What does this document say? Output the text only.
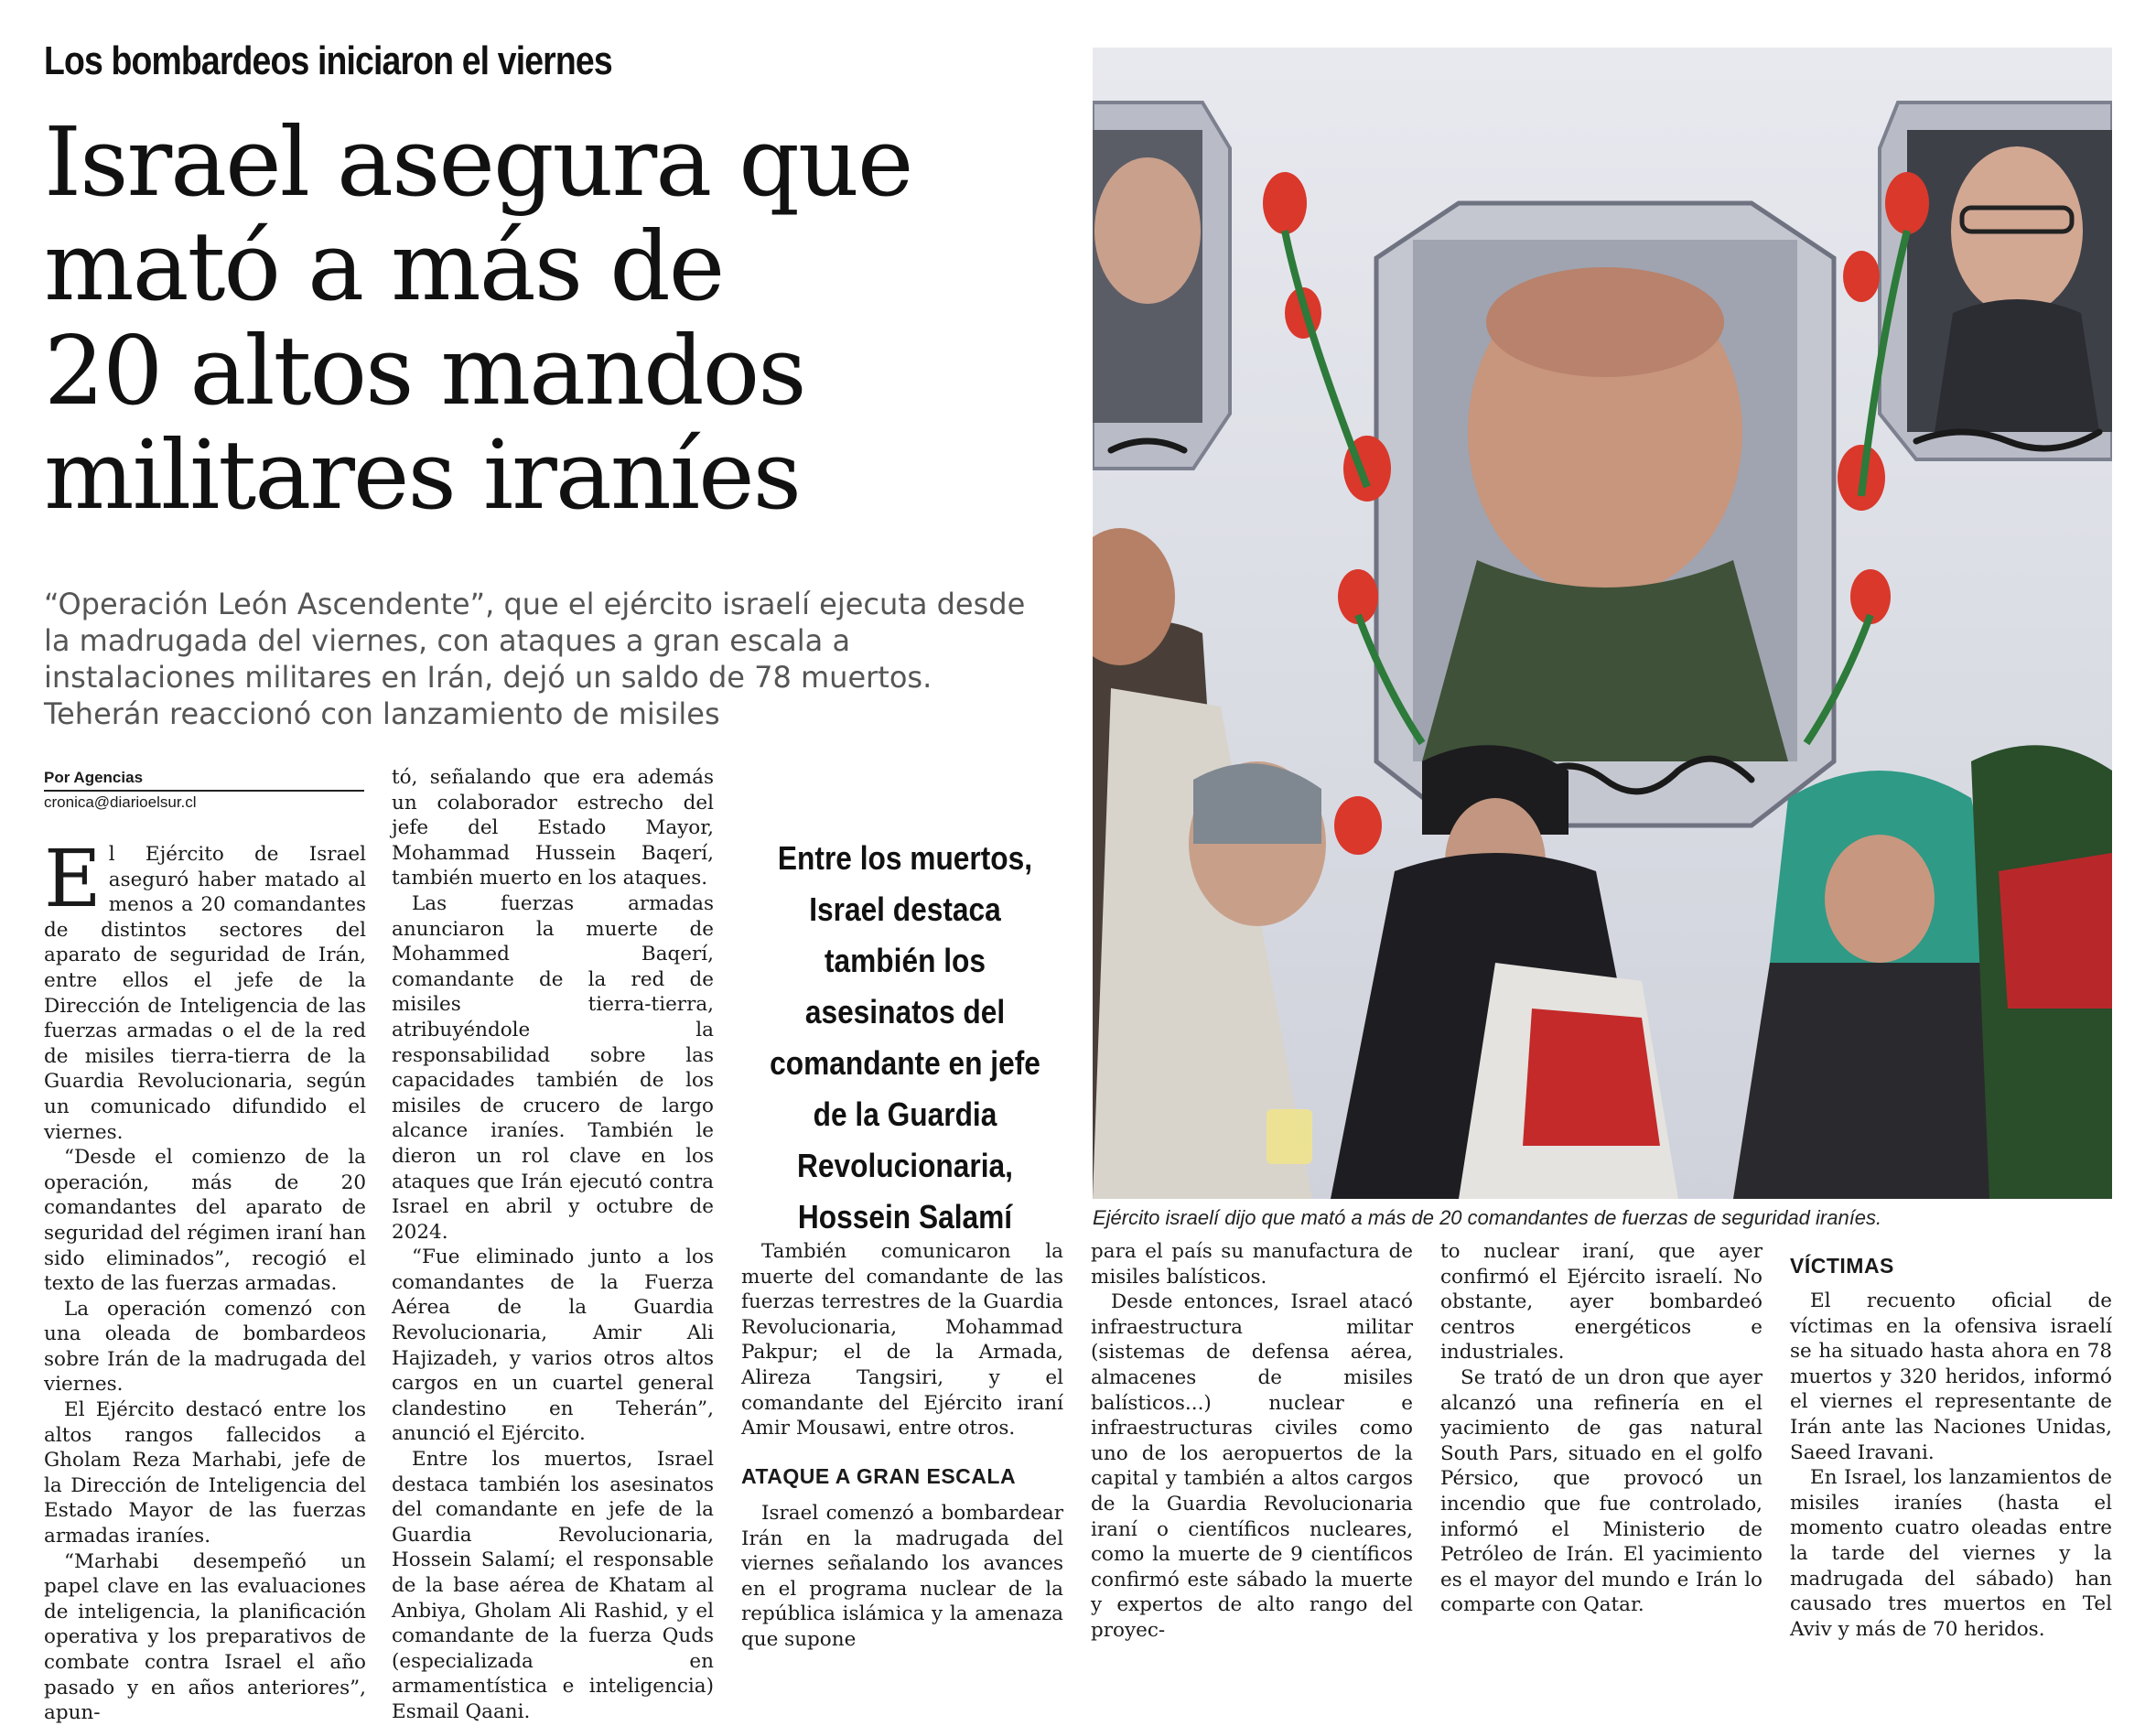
Los bombardeos iniciaron el viernes
Israel asegura que
mató a más de
20 altos mandos
militares iraníes
“Operación León Ascendente”, que el ejército israelí ejecuta desde la madrugada del viernes, con ataques a gran escala a instalaciones militares en Irán, dejó un saldo de 78 muertos. Teherán reaccionó con lanzamiento de misiles
Por Agencias
cronica@diarioelsur.cl

El Ejército de Israel aseguró haber matado al menos a 20 comandantes de distintos sectores del aparato de seguridad de Irán, entre ellos el jefe de la Dirección de Inteligencia de las fuerzas armadas o el de la red de misiles tierra-tierra de la Guardia Revolucionaria, según un comunicado difundido el viernes.

“Desde el comienzo de la operación, más de 20 comandantes del aparato de seguridad del régimen iraní han sido eliminados”, recogió el texto de las fuerzas armadas.

La operación comenzó con una oleada de bombardeos sobre Irán de la madrugada del viernes.

El Ejército destacó entre los altos rangos fallecidos a Gholam Reza Marhabi, jefe de la Dirección de Inteligencia del Estado Mayor de las fuerzas armadas iraníes.

“Marhabi desempeñó un papel clave en las evaluaciones de inteligencia, la planificación operativa y los preparativos de combate contra Israel el año pasado y en años anteriores”, apun-

tó, señalando que era además un colaborador estrecho del jefe del Estado Mayor, Mohammad Hussein Baqerí, también muerto en los ataques.

Las fuerzas armadas anunciaron la muerte de Mohammed Baqerí, comandante de la red de misiles tierra-tierra, atribuyéndole la responsabilidad sobre las capacidades también de los misiles de crucero de largo alcance iraníes. También le dieron un rol clave en los ataques que Irán ejecutó contra Israel en abril y octubre de 2024.

“Fue eliminado junto a los comandantes de la Fuerza Aérea de la Guardia Revolucionaria, Amir Ali Hajizadeh, y varios otros altos cargos en un cuartel general clandestino en Teherán”, anunció el Ejército.

Entre los muertos, Israel destaca también los asesinatos del comandante en jefe de la Guardia Revolucionaria, Hossein Salamí; el responsable de la base aérea de Khatam al Anbiya, Gholam Ali Rashid, y el comandante de la fuerza Quds (especializada en armamentística e inteligencia) Esmail Qaani.

Entre los muertos, Israel destaca también los asesinatos del comandante en jefe de la Guardia Revolucionaria, Hossein Salamí

También comunicaron la muerte del comandante de las fuerzas terrestres de la Guardia Revolucionaria, Mohammad Pakpur; el de la Armada, Alireza Tangsiri, y el comandante del Ejército iraní Amir Mousawi, entre otros.

ATAQUE A GRAN ESCALA

Israel comenzó a bombardear Irán en la madrugada del viernes señalando los avances en el programa nuclear de la república islámica y la amenaza que supone

para el país su manufactura de misiles balísticos.

Desde entonces, Israel atacó infraestructura militar (sistemas de defensa aérea, almacenes de misiles balísticos...) nuclear e infraestructuras civiles como uno de los aeropuertos de la capital y también a altos cargos de la Guardia Revolucionaria iraní o científicos nucleares, como la muerte de 9 científicos confirmó este sábado la muerte y expertos de alto rango del proyec-

to nuclear iraní, que ayer confirmó el Ejército israelí. No obstante, ayer bombardeó centros energéticos e industriales.

Se trató de un dron que ayer alcanzó una refinería en el yacimiento de gas natural South Pars, situado en el golfo Pérsico, que provocó un incendio que fue controlado, informó el Ministerio de Petróleo de Irán. El yacimiento es el mayor del mundo e Irán lo comparte con Qatar.

VÍCTIMAS

El recuento oficial de víctimas en la ofensiva israelí se ha situado hasta ahora en 78 muertos y 320 heridos, informó el viernes el representante de Irán ante las Naciones Unidas, Saeed Iravani.

En Israel, los lanzamientos de misiles iraníes (hasta el momento cuatro oleadas entre la tarde del viernes y la madrugada del sábado) han causado tres muertos en Tel Aviv y más de 70 heridos.

Ejército israelí dijo que mató a más de 20 comandantes de fuerzas de seguridad iraníes.
